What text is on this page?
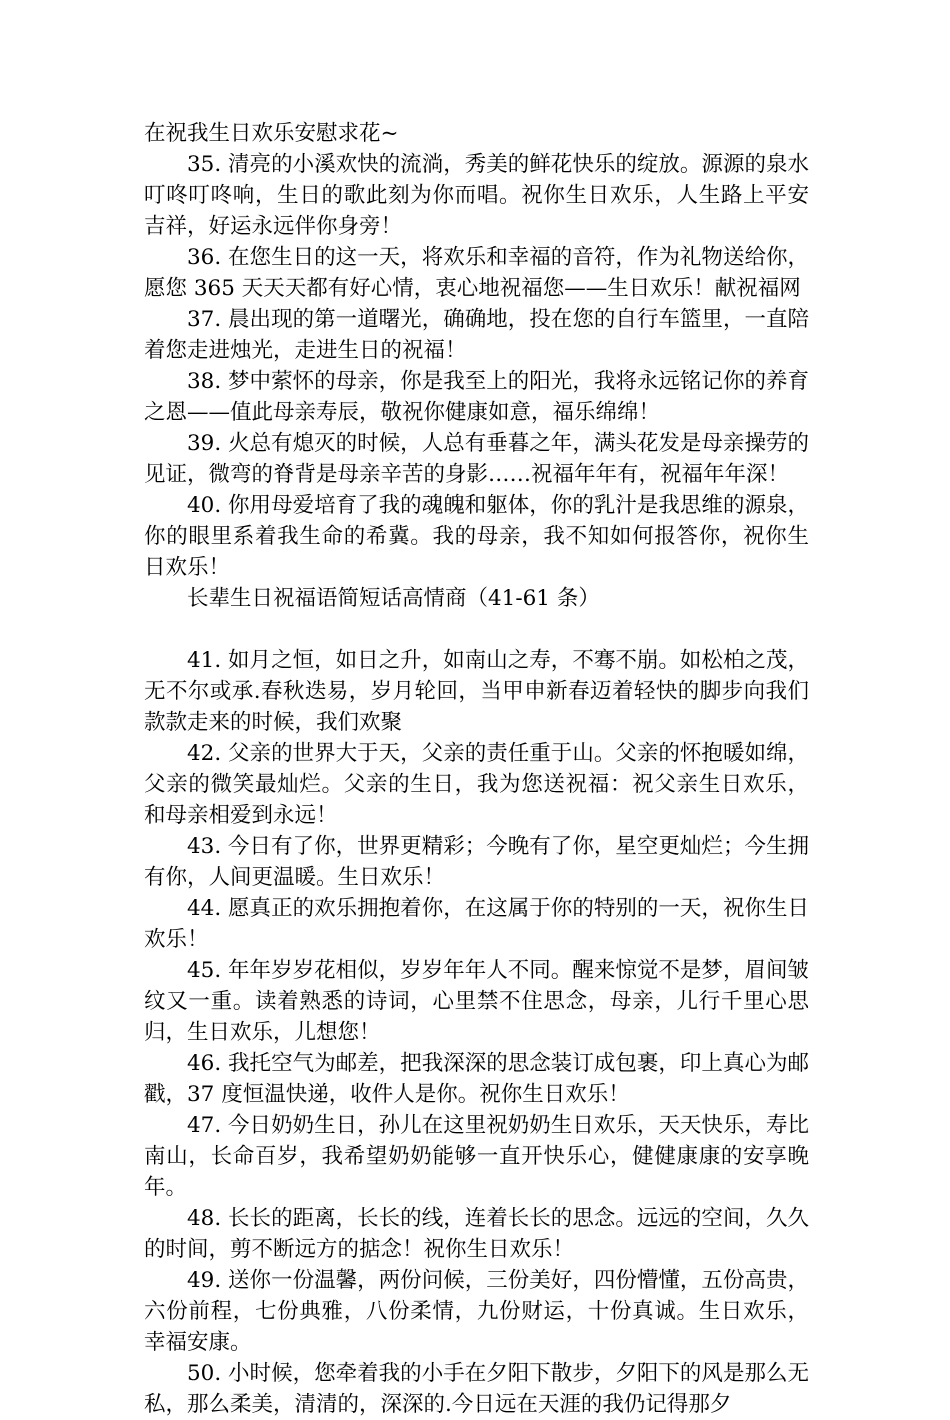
在祝我生日欢乐安慰求花~

35. 清亮的小溪欢快的流淌，秀美的鲜花快乐的绽放。源源的泉水叮咚叮咚响，生日的歌此刻为你而唱。祝你生日欢乐，人生路上平安吉祥，好运永远伴你身旁！

36. 在您生日的这一天，将欢乐和幸福的音符，作为礼物送给你，愿您 365 天天天都有好心情，衷心地祝福您——生日欢乐！献祝福网

37. 晨出现的第一道曙光，确确地，投在您的自行车篮里，一直陪着您走进烛光，走进生日的祝福！

38. 梦中萦怀的母亲，你是我至上的阳光，我将永远铭记你的养育之恩——值此母亲寿辰，敬祝你健康如意，福乐绵绵！

39. 火总有熄灭的时候，人总有垂暮之年，满头花发是母亲操劳的见证，微弯的脊背是母亲辛苦的身影……祝福年年有，祝福年年深！

40. 你用母爱培育了我的魂魄和躯体，你的乳汁是我思维的源泉，你的眼里系着我生命的希冀。我的母亲，我不知如何报答你，祝你生日欢乐！

长辈生日祝福语简短话高情商（41-61 条）

41. 如月之恒，如日之升，如南山之寿，不骞不崩。如松柏之茂，无不尔或承.春秋迭易，岁月轮回，当甲申新春迈着轻快的脚步向我们款款走来的时候，我们欢聚

42. 父亲的世界大于天，父亲的责任重于山。父亲的怀抱暖如绵，父亲的微笑最灿烂。父亲的生日，我为您送祝福：祝父亲生日欢乐，和母亲相爱到永远！

43. 今日有了你，世界更精彩；今晚有了你，星空更灿烂；今生拥有你，人间更温暖。生日欢乐！

44. 愿真正的欢乐拥抱着你，在这属于你的特别的一天，祝你生日欢乐！

45. 年年岁岁花相似，岁岁年年人不同。醒来惊觉不是梦，眉间皱纹又一重。读着熟悉的诗词，心里禁不住思念，母亲，儿行千里心思归，生日欢乐，儿想您！

46. 我托空气为邮差，把我深深的思念装订成包裹，印上真心为邮戳，37 度恒温快递，收件人是你。祝你生日欢乐！

47. 今日奶奶生日，孙儿在这里祝奶奶生日欢乐，天天快乐，寿比南山，长命百岁，我希望奶奶能够一直开快乐心，健健康康的安享晚年。

48. 长长的距离，长长的线，连着长长的思念。远远的空间，久久的时间，剪不断远方的掂念！祝你生日欢乐！

49. 送你一份温馨，两份问候，三份美好，四份懵懂，五份高贵，六份前程，七份典雅，八份柔情，九份财运，十份真诚。生日欢乐，幸福安康。

50. 小时候，您牵着我的小手在夕阳下散步，夕阳下的风是那么无私，那么柔美，清清的，深深的.今日远在天涯的我仍记得那夕
